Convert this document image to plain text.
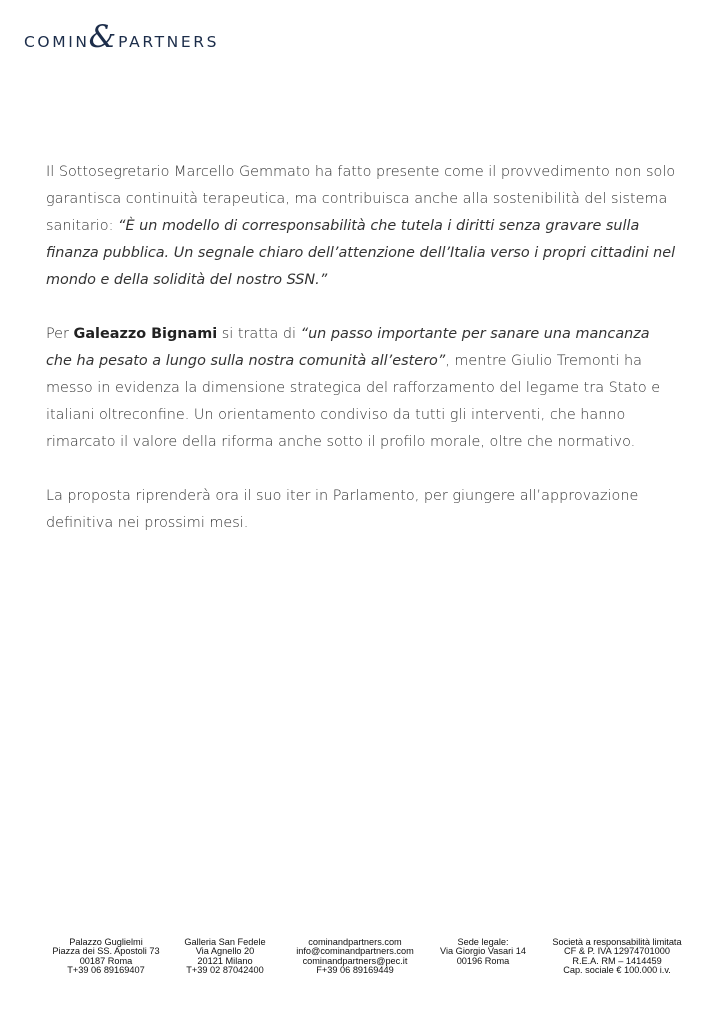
COMIN & PARTNERS

Il Sottosegretario Marcello Gemmato ha fatto presente come il provvedimento non solo garantisca continuità terapeutica, ma contribuisca anche alla sostenibilità del sistema sanitario: “È un modello di corresponsabilità che tutela i diritti senza gravare sulla finanza pubblica. Un segnale chiaro dell’attenzione dell’Italia verso i propri cittadini nel mondo e della solidità del nostro SSN.”

Per Galeazzo Bignami si tratta di “un passo importante per sanare una mancanza che ha pesato a lungo sulla nostra comunità all’estero”, mentre Giulio Tremonti ha messo in evidenza la dimensione strategica del rafforzamento del legame tra Stato e italiani oltreconfine. Un orientamento condiviso da tutti gli interventi, che hanno rimarcato il valore della riforma anche sotto il profilo morale, oltre che normativo.

La proposta riprenderà ora il suo iter in Parlamento, per giungere all’approvazione definitiva nei prossimi mesi.

Palazzo Guglielmi
Piazza dei SS. Apostoli 73
00187 Roma
T+39 06 89169407
Galleria San Fedele
Via Agnello 20
20121 Milano
T+39 02 87042400
cominandpartners.com
info@cominandpartners.com
cominandpartners@pec.it
F+39 06 89169449
Sede legale:
Via Giorgio Vasari 14
00196 Roma
Società a responsabilità limitata
CF & P. IVA 12974701000
R.E.A. RM – 1414459
Cap. sociale € 100.000 i.v.
